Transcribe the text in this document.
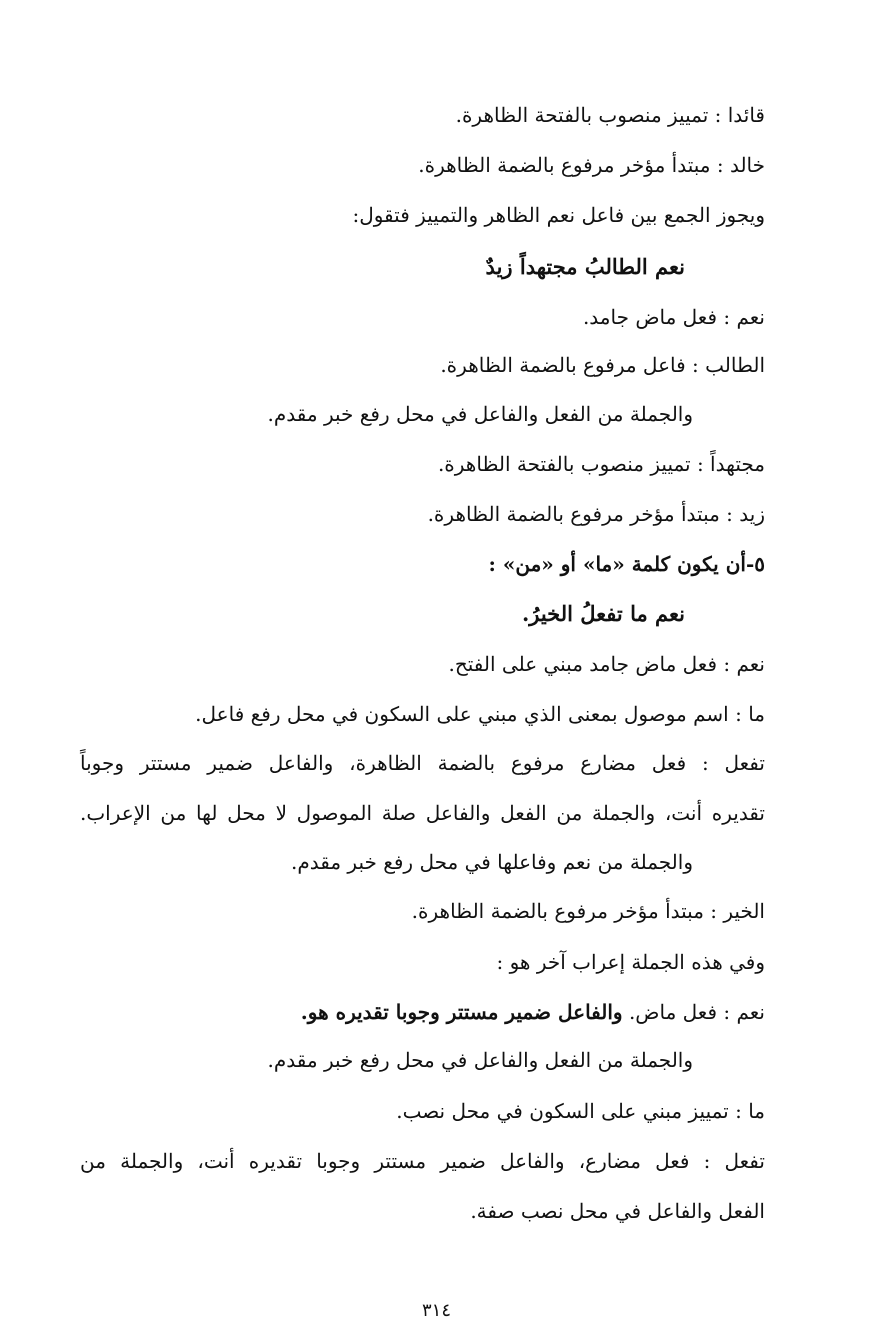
قائدا : تمييز منصوب بالفتحة الظاهرة.
خالد : مبتدأ مؤخر مرفوع بالضمة الظاهرة.
ويجوز الجمع بين فاعل نعم الظاهر والتمييز فتقول:
نعم الطالبُ مجتهداً زيدٌ
نعم : فعل ماض جامد.
الطالب : فاعل مرفوع بالضمة الظاهرة.
والجملة من الفعل والفاعل في محل رفع خبر مقدم.
مجتهداً : تمييز منصوب بالفتحة الظاهرة.
زيد : مبتدأ مؤخر مرفوع بالضمة الظاهرة.
٥-أن يكون كلمة «ما» أو «من» :
نعم ما تفعلُ الخيرُ.
نعم : فعل ماض جامد مبني على الفتح.
ما : اسم موصول بمعنى الذي مبني على السكون في محل رفع فاعل.
تفعل : فعل مضارع مرفوع بالضمة الظاهرة، والفاعل ضمير مستتر وجوباً
تقديره أنت، والجملة من الفعل والفاعل صلة الموصول لا محل لها من الإعراب.
والجملة من نعم وفاعلها في محل رفع خبر مقدم.
الخير : مبتدأ مؤخر مرفوع بالضمة الظاهرة.
وفي هذه الجملة إعراب آخر هو :
نعم : فعل ماض. والفاعل ضمير مستتر وجوبا تقديره هو.
والجملة من الفعل والفاعل في محل رفع خبر مقدم.
ما : تمييز مبني على السكون في محل نصب.
تفعل : فعل مضارع، والفاعل ضمير مستتر وجوبا تقديره أنت، والجملة من
الفعل والفاعل في محل نصب صفة.
٣١٤
